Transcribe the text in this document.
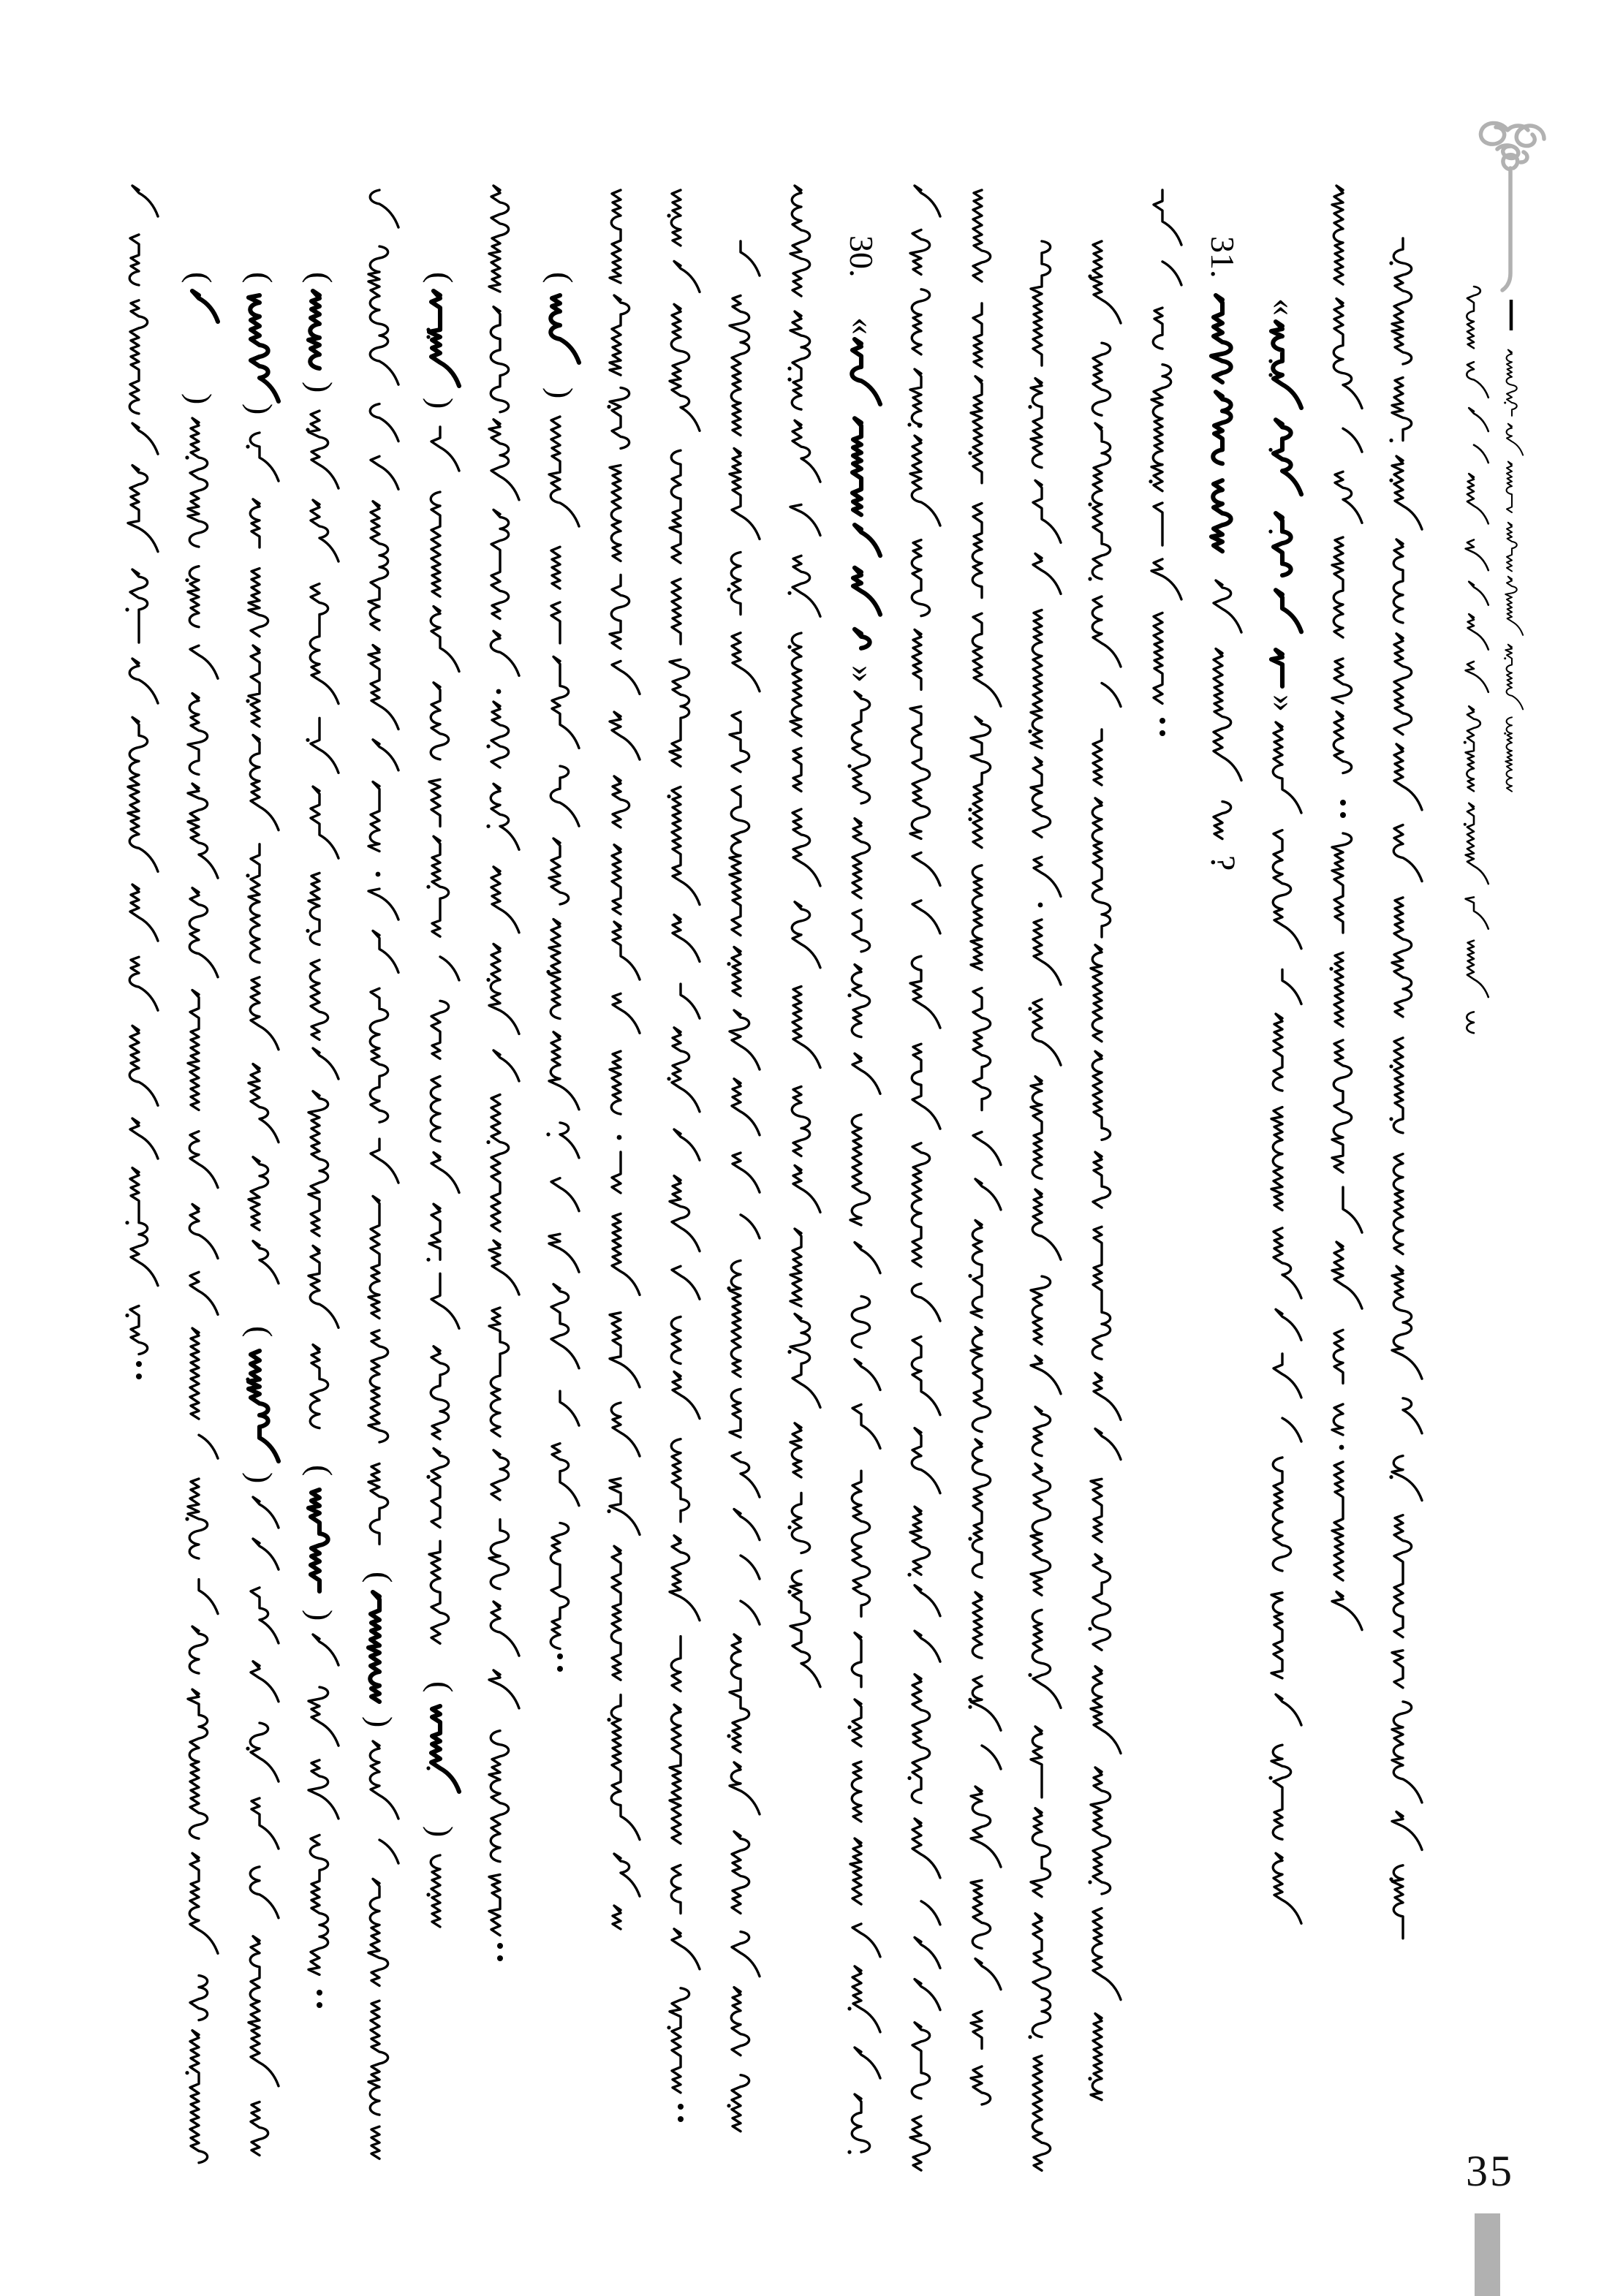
(
)
(
)
(
)
(
)
(
)
(
)
(
)
(
)
(
)
30.
«
»
31.
?
«
»
35
